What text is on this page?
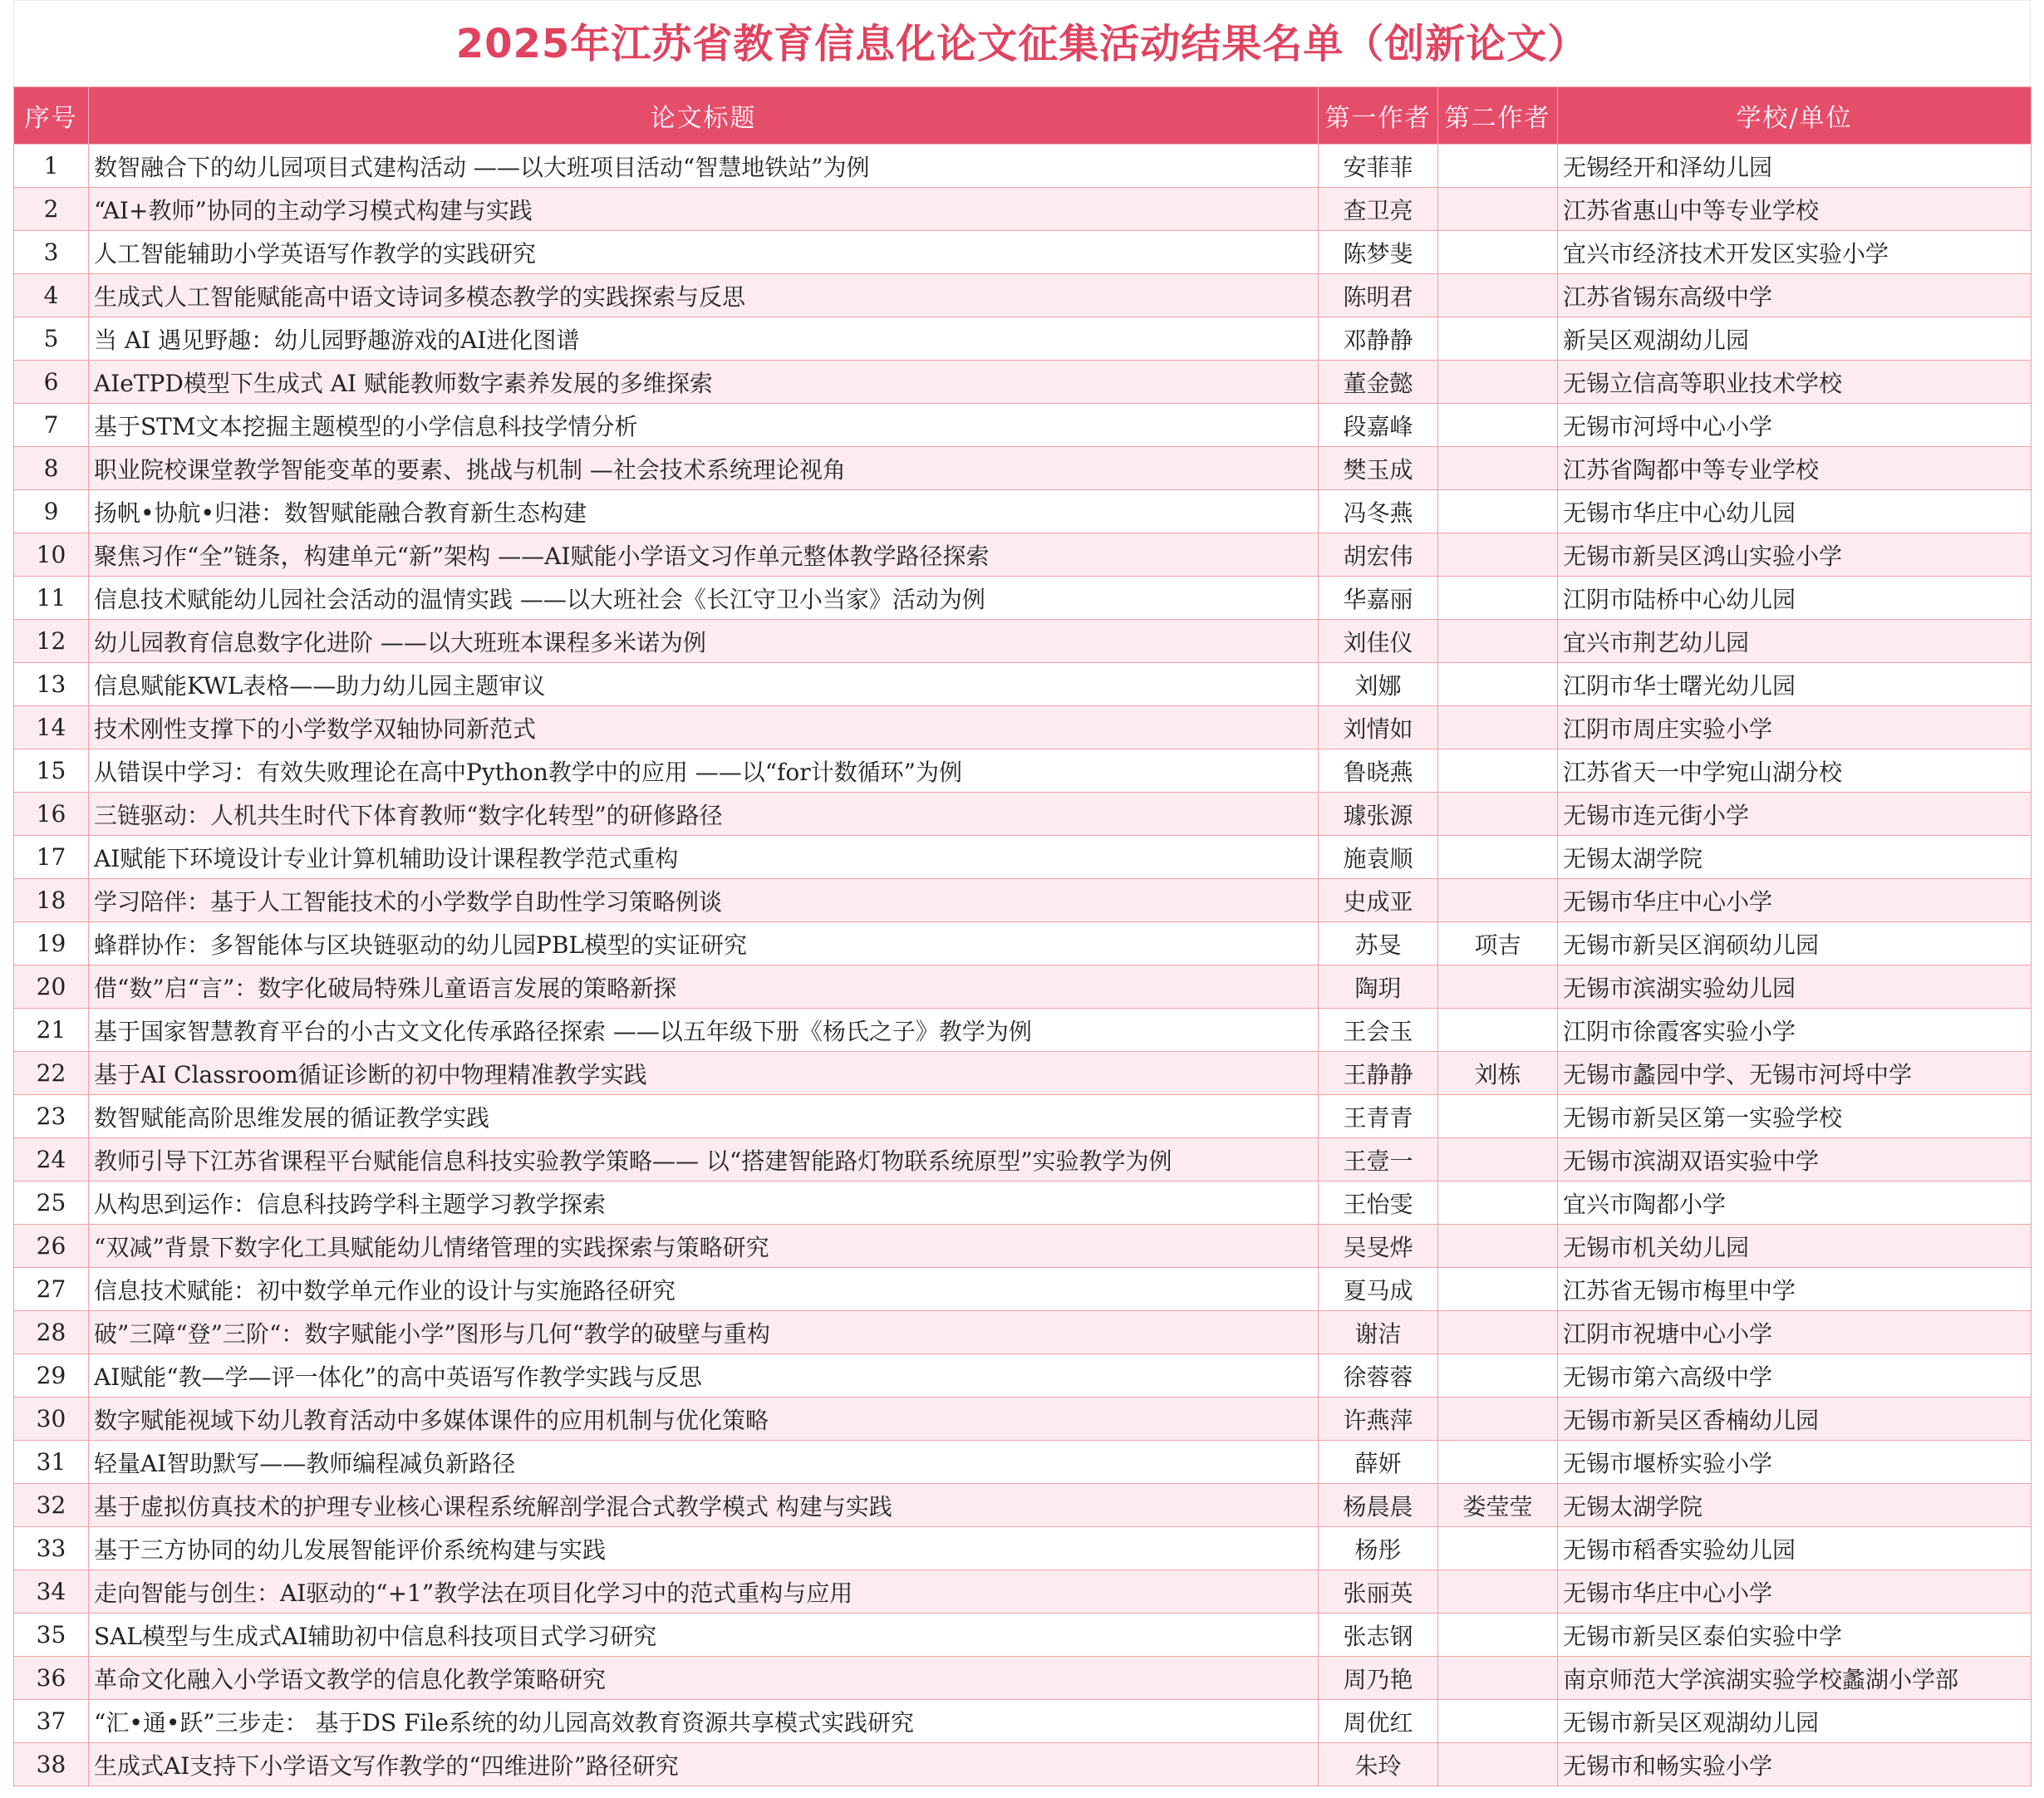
2025年江苏省教育信息化论文征集活动结果名单（创新论文）
序号	论文标题	第一作者	第二作者	学校/单位
1	数智融合下的幼儿园项目式建构活动 ——以大班项目活动“智慧地铁站”为例	安菲菲		无锡经开和泽幼儿园
2	“AI+教师”协同的主动学习模式构建与实践	查卫亮		江苏省惠山中等专业学校
3	人工智能辅助小学英语写作教学的实践研究	陈梦斐		宜兴市经济技术开发区实验小学
4	生成式人工智能赋能高中语文诗词多模态教学的实践探索与反思	陈明君		江苏省锡东高级中学
5	当 AI 遇见野趣：幼儿园野趣游戏的AI进化图谱	邓静静		新吴区观湖幼儿园
6	AIeTPD模型下生成式 AI 赋能教师数字素养发展的多维探索	董金懿		无锡立信高等职业技术学校
7	基于STM文本挖掘主题模型的小学信息科技学情分析	段嘉峰		无锡市河埒中心小学
8	职业院校课堂教学智能变革的要素、挑战与机制 —社会技术系统理论视角	樊玉成		江苏省陶都中等专业学校
9	扬帆•协航•归港：数智赋能融合教育新生态构建	冯冬燕		无锡市华庄中心幼儿园
10	聚焦习作“全”链条，构建单元“新”架构 ——AI赋能小学语文习作单元整体教学路径探索	胡宏伟		无锡市新吴区鸿山实验小学
11	信息技术赋能幼儿园社会活动的温情实践 ——以大班社会《长江守卫小当家》活动为例	华嘉丽		江阴市陆桥中心幼儿园
12	幼儿园教育信息数字化进阶 ——以大班班本课程多米诺为例	刘佳仪		宜兴市荆艺幼儿园
13	信息赋能KWL表格——助力幼儿园主题审议	刘娜		江阴市华士曙光幼儿园
14	技术刚性支撑下的小学数学双轴协同新范式	刘情如		江阴市周庄实验小学
15	从错误中学习：有效失败理论在高中Python教学中的应用 ——以“for计数循环”为例	鲁晓燕		江苏省天一中学宛山湖分校
16	三链驱动：人机共生时代下体育教师“数字化转型”的研修路径	璩张源		无锡市连元街小学
17	AI赋能下环境设计专业计算机辅助设计课程教学范式重构	施袁顺		无锡太湖学院
18	学习陪伴：基于人工智能技术的小学数学自助性学习策略例谈	史成亚		无锡市华庄中心小学
19	蜂群协作：多智能体与区块链驱动的幼儿园PBL模型的实证研究	苏旻	项吉	无锡市新吴区润硕幼儿园
20	借“数”启“言”：数字化破局特殊儿童语言发展的策略新探	陶玥		无锡市滨湖实验幼儿园
21	基于国家智慧教育平台的小古文文化传承路径探索 ——以五年级下册《杨氏之子》教学为例	王会玉		江阴市徐霞客实验小学
22	基于AI Classroom循证诊断的初中物理精准教学实践	王静静	刘栋	无锡市蠡园中学、无锡市河埒中学
23	数智赋能高阶思维发展的循证教学实践	王青青		无锡市新吴区第一实验学校
24	教师引导下江苏省课程平台赋能信息科技实验教学策略—— 以“搭建智能路灯物联系统原型”实验教学为例	王壹一		无锡市滨湖双语实验中学
25	从构思到运作：信息科技跨学科主题学习教学探索	王怡雯		宜兴市陶都小学
26	“双减”背景下数字化工具赋能幼儿情绪管理的实践探索与策略研究	吴旻烨		无锡市机关幼儿园
27	信息技术赋能：初中数学单元作业的设计与实施路径研究	夏马成		江苏省无锡市梅里中学
28	破”三障“登”三阶“：数字赋能小学”图形与几何“教学的破壁与重构	谢洁		江阴市祝塘中心小学
29	AI赋能“教—学—评一体化”的高中英语写作教学实践与反思	徐蓉蓉		无锡市第六高级中学
30	数字赋能视域下幼儿教育活动中多媒体课件的应用机制与优化策略	许燕萍		无锡市新吴区香楠幼儿园
31	轻量AI智助默写——教师编程减负新路径	薛妍		无锡市堰桥实验小学
32	基于虚拟仿真技术的护理专业核心课程系统解剖学混合式教学模式 构建与实践	杨晨晨	娄莹莹	无锡太湖学院
33	基于三方协同的幼儿发展智能评价系统构建与实践	杨彤		无锡市稻香实验幼儿园
34	走向智能与创生：AI驱动的“+1”教学法在项目化学习中的范式重构与应用	张丽英		无锡市华庄中心小学
35	SAL模型与生成式AI辅助初中信息科技项目式学习研究	张志钢		无锡市新吴区泰伯实验中学
36	革命文化融入小学语文教学的信息化教学策略研究	周乃艳		南京师范大学滨湖实验学校蠡湖小学部
37	“汇•通•跃”三步走： 基于DS File系统的幼儿园高效教育资源共享模式实践研究	周优红		无锡市新吴区观湖幼儿园
38	生成式AI支持下小学语文写作教学的“四维进阶”路径研究	朱玲		无锡市和畅实验小学
